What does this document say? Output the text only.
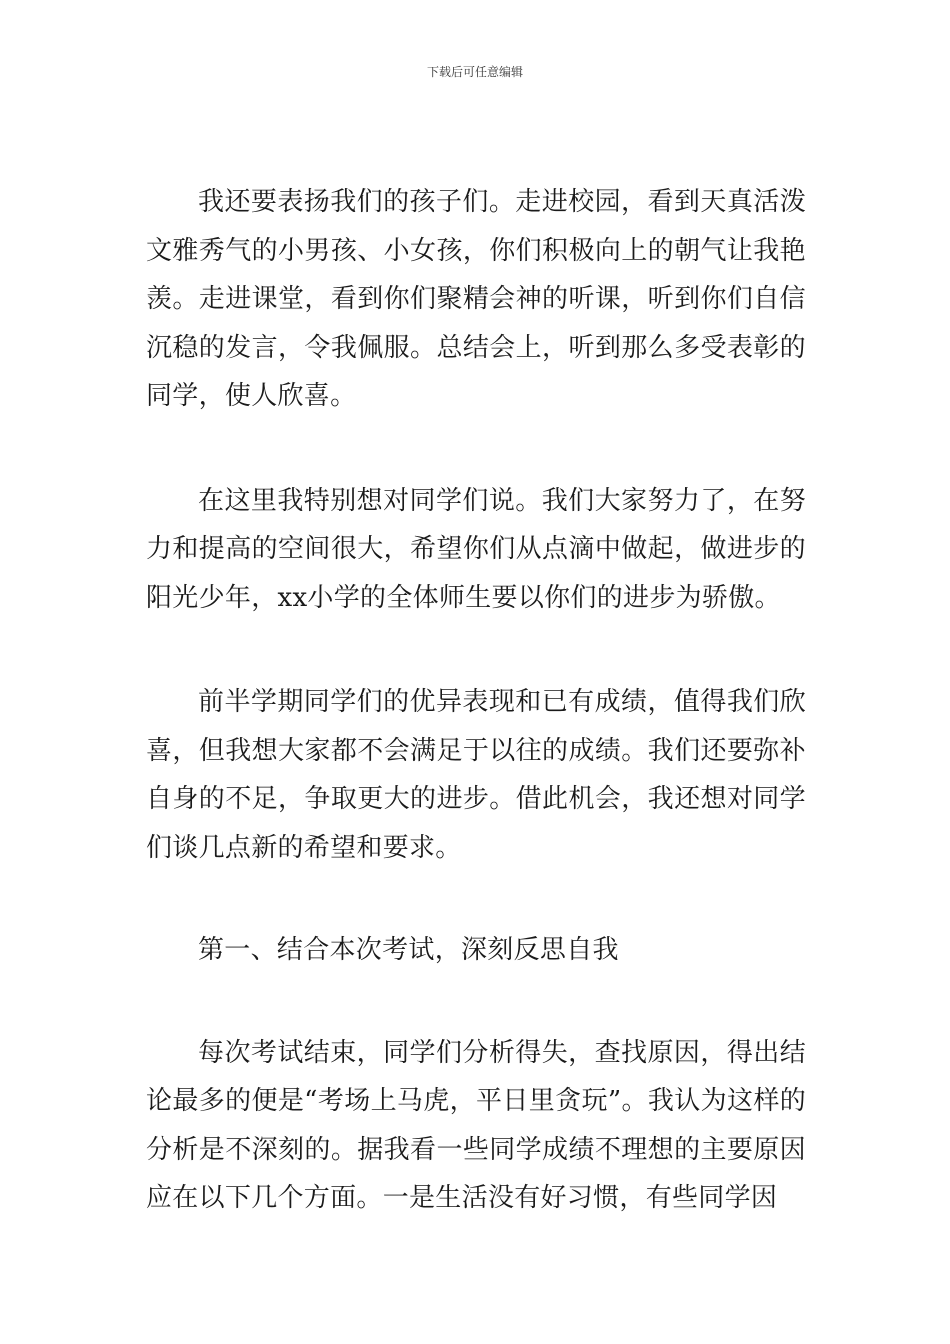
下载后可任意编辑

我还要表扬我们的孩子们。走进校园，看到天真活泼文雅秀气的小男孩、小女孩，你们积极向上的朝气让我艳羡。走进课堂，看到你们聚精会神的听课，听到你们自信沉稳的发言，令我佩服。总结会上，听到那么多受表彰的同学，使人欣喜。

在这里我特别想对同学们说。我们大家努力了，在努力和提高的空间很大，希望你们从点滴中做起，做进步的阳光少年，xx小学的全体师生要以你们的进步为骄傲。

前半学期同学们的优异表现和已有成绩，值得我们欣喜，但我想大家都不会满足于以往的成绩。我们还要弥补自身的不足，争取更大的进步。借此机会，我还想对同学们谈几点新的希望和要求。

第一、结合本次考试，深刻反思自我

每次考试结束，同学们分析得失，查找原因，得出结论最多的便是“考场上马虎，平日里贪玩”。我认为这样的分析是不深刻的。据我看一些同学成绩不理想的主要原因应在以下几个方面。一是生活没有好习惯，有些同学因
